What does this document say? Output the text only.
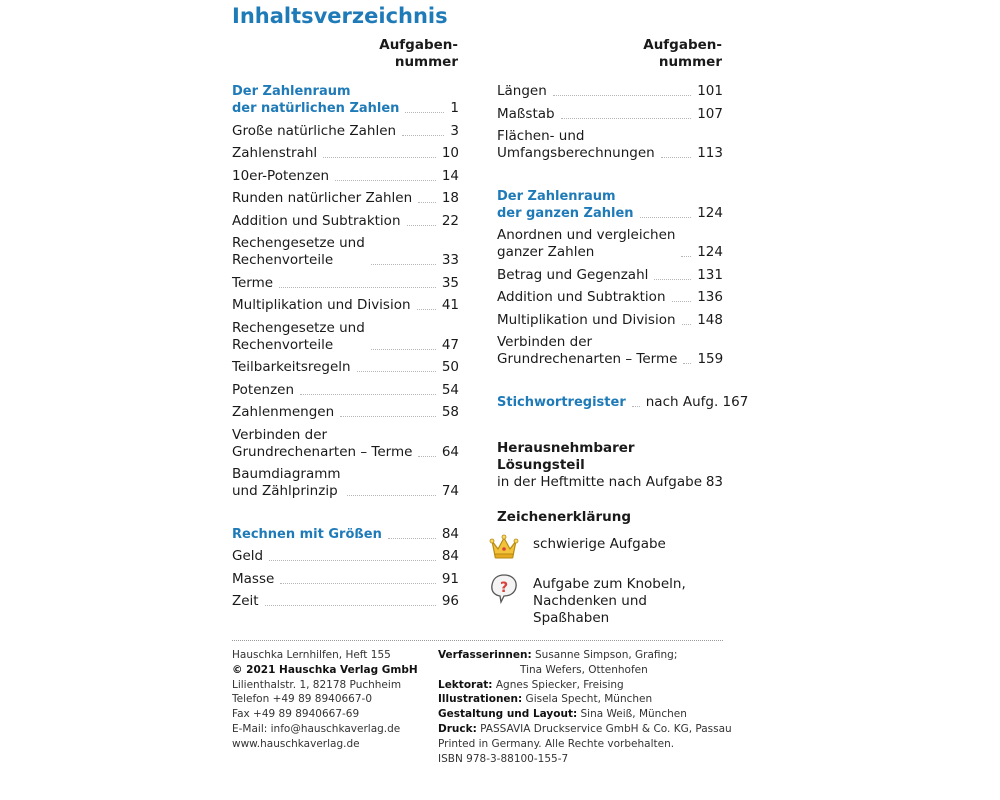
Inhaltsverzeichnis
Aufgaben-
nummer
Aufgaben-
nummer
Der Zahlenraum
der natürlichen Zahlen	1
Große natürliche Zahlen	3
Zahlenstrahl	10
10er-Potenzen	14
Runden natürlicher Zahlen 18
Addition und Subtraktion	22
Rechengesetze und
Rechenvorteile	33
Terme	35
Multiplikation und Division 41
Rechengesetze und
Rechenvorteile	47
Teilbarkeitsregeln	50
Potenzen	54
Zahlenmengen	58
Verbinden der
Grundrechenarten – Terme 64
Baumdiagramm
und Zählprinzip	74
Rechnen mit Größen	84
Geld	84
Masse	91
Zeit	96
Längen	101
Maßstab	107
Flächen- und
Umfangsberechnungen	113
Der Zahlenraum
der ganzen Zahlen	124
Anordnen und vergleichen
ganzer Zahlen	124
Betrag und Gegenzahl	131
Addition und Subtraktion 136
Multiplikation und Division 148
Verbinden der
Grundrechenarten – Terme 159
Stichwortregister nach Aufg. 167
Herausnehmbarer Lösungsteil
in der Heftmitte nach Aufgabe 83
Zeichenerklärung
schwierige Aufgabe
? Aufgabe zum Knobeln,
Nachdenken und
Spaßhaben
Hauschka Lernhilfen, Heft 155
© 2021 Hauschka Verlag GmbH
Lilienthalstr. 1, 82178 Puchheim
Telefon +49 89 8940667-0
Fax +49 89 8940667-69
E-Mail: info@hauschkaverlag.de
www.hauschkaverlag.de
Verfasserinnen: Susanne Simpson, Grafing;
Tina Wefers, Ottenhofen
Lektorat: Agnes Spiecker, Freising
Illustrationen: Gisela Specht, München
Gestaltung und Layout: Sina Weiß, München
Druck: PASSAVIA Druckservice GmbH & Co. KG, Passau
Printed in Germany. Alle Rechte vorbehalten.
ISBN 978-3-88100-155-7
